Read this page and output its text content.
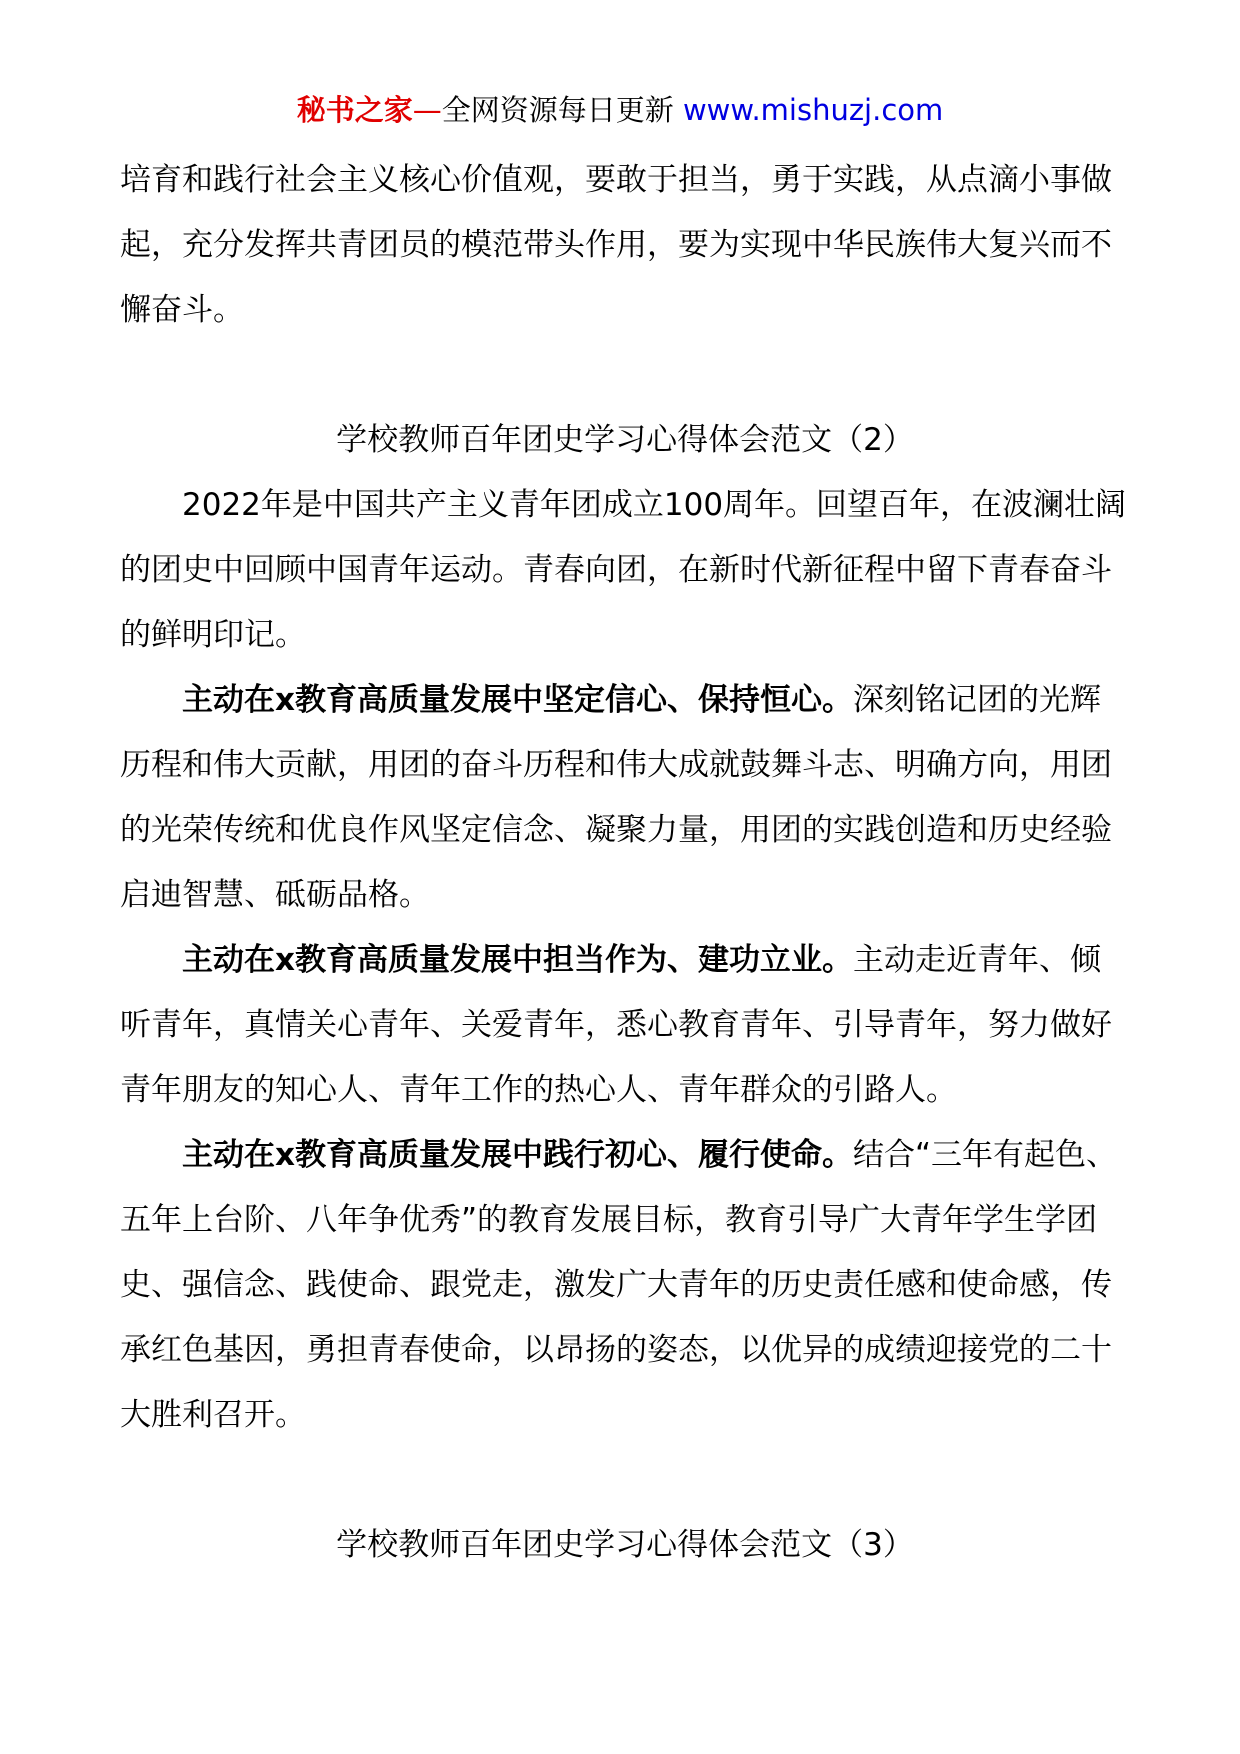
秘书之家—全网资源每日更新 www.mishuzj.com

培育和践行社会主义核心价值观，要敢于担当，勇于实践，从点滴小事做起，充分发挥共青团员的模范带头作用，要为实现中华民族伟大复兴而不懈奋斗。

学校教师百年团史学习心得体会范文（2）

2022年是中国共产主义青年团成立100周年。回望百年，在波澜壮阔的团史中回顾中国青年运动。青春向团，在新时代新征程中留下青春奋斗的鲜明印记。

主动在x教育高质量发展中坚定信心、保持恒心。深刻铭记团的光辉历程和伟大贡献，用团的奋斗历程和伟大成就鼓舞斗志、明确方向，用团的光荣传统和优良作风坚定信念、凝聚力量，用团的实践创造和历史经验启迪智慧、砥砺品格。

主动在x教育高质量发展中担当作为、建功立业。主动走近青年、倾听青年，真情关心青年、关爱青年，悉心教育青年、引导青年，努力做好青年朋友的知心人、青年工作的热心人、青年群众的引路人。

主动在x教育高质量发展中践行初心、履行使命。结合“三年有起色、五年上台阶、八年争优秀”的教育发展目标，教育引导广大青年学生学团史、强信念、践使命、跟党走，激发广大青年的历史责任感和使命感，传承红色基因，勇担青春使命，以昂扬的姿态，以优异的成绩迎接党的二十大胜利召开。

学校教师百年团史学习心得体会范文（3）
